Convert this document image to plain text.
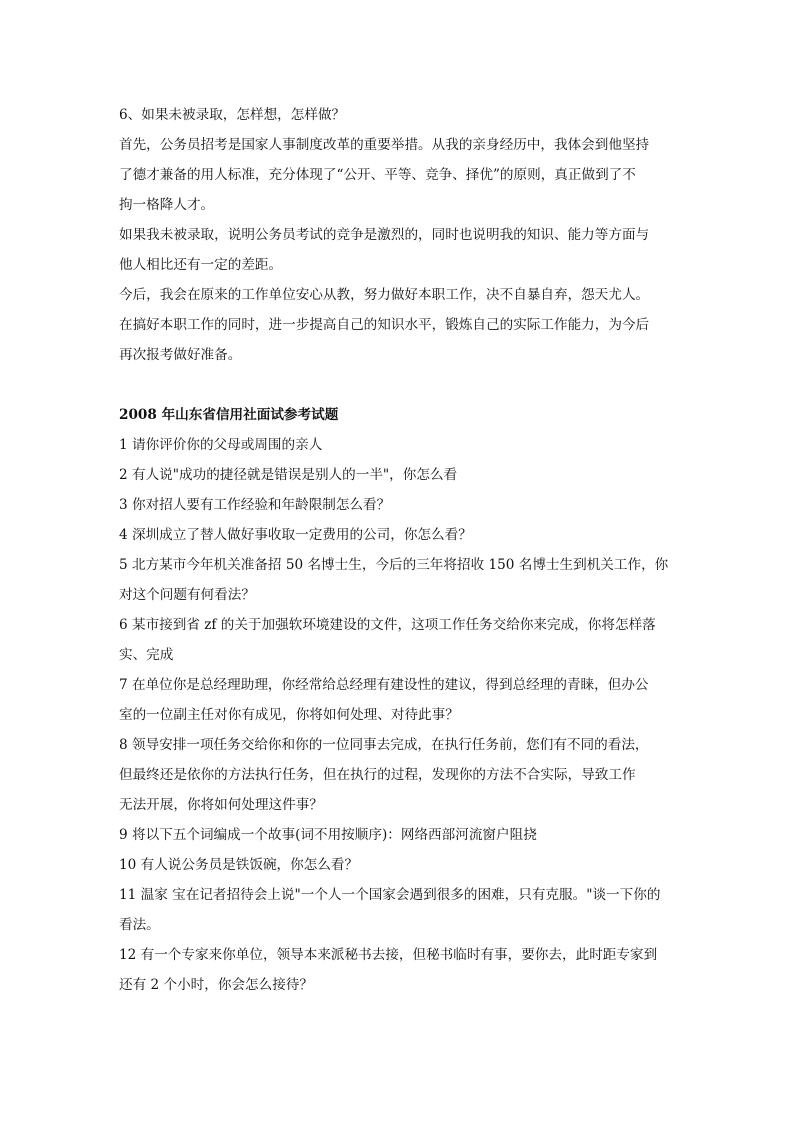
6、如果未被录取，怎样想，怎样做？

首先，公务员招考是国家人事制度改革的重要举措。从我的亲身经历中，我体会到他坚持

了德才兼备的用人标准，充分体现了“公开、平等、竞争、择优”的原则，真正做到了不

拘一格降人才。

如果我未被录取，说明公务员考试的竞争是激烈的，同时也说明我的知识、能力等方面与

他人相比还有一定的差距。

今后，我会在原来的工作单位安心从教，努力做好本职工作，决不自暴自弃，怨天尤人。

在搞好本职工作的同时，进一步提高自己的知识水平，锻炼自己的实际工作能力，为今后

再次报考做好准备。

2008 年山东省信用社面试参考试题

1 请你评价你的父母或周围的亲人

2 有人说"成功的捷径就是错误是别人的一半"，你怎么看

3 你对招人要有工作经验和年龄限制怎么看？

4 深圳成立了替人做好事收取一定费用的公司，你怎么看？

5 北方某市今年机关准备招 50 名博士生，今后的三年将招收 150 名博士生到机关工作，你

对这个问题有何看法？

6 某市接到省 zf 的关于加强软环境建设的文件，这项工作任务交给你来完成，你将怎样落

实、完成

7 在单位你是总经理助理，你经常给总经理有建设性的建议，得到总经理的青睐，但办公

室的一位副主任对你有成见，你将如何处理、对待此事？

8 领导安排一项任务交给你和你的一位同事去完成，在执行任务前，您们有不同的看法，

但最终还是依你的方法执行任务，但在执行的过程，发现你的方法不合实际，导致工作

无法开展，你将如何处理这件事？

9 将以下五个词编成一个故事(词不用按顺序)：网络西部河流窗户阻挠

10 有人说公务员是铁饭碗，你怎么看？

11 温家 宝在记者招待会上说"一个人一个国家会遇到很多的困难，只有克服。"谈一下你的

看法。

12 有一个专家来你单位，领导本来派秘书去接，但秘书临时有事，要你去，此时距专家到

还有 2 个小时，你会怎么接待？
